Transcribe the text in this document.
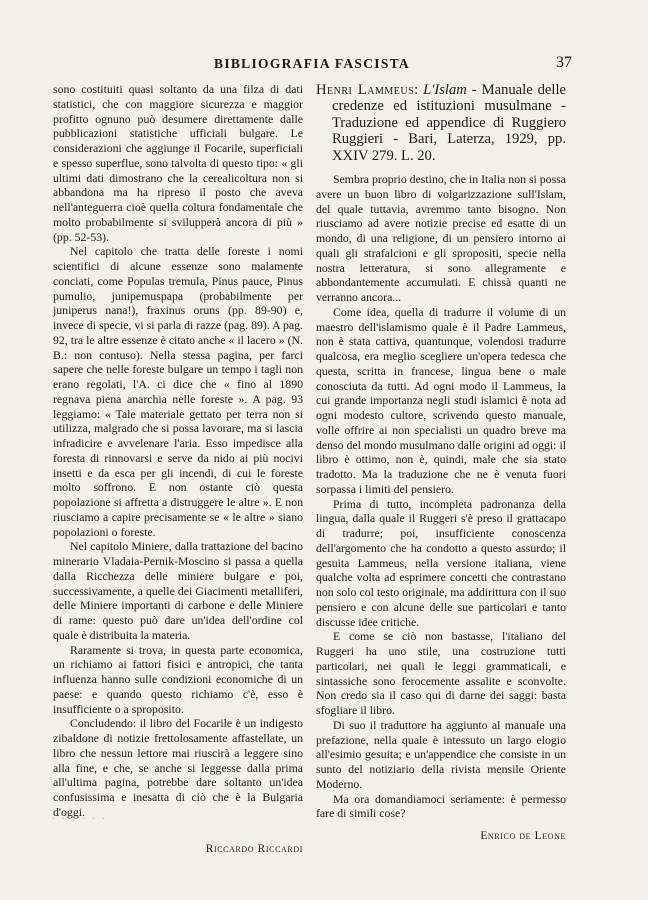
BIBLIOGRAFIA FASCISTA	37

sono costituiti quasi soltanto da una filza di dati statistici, che con maggiore sicurezza e maggior profitto ognuno può desumere direttamente dalle pubblicazioni statistiche ufficiali bulgare. Le considerazioni che aggiunge il Focarile, superficiali e spesso superflue, sono talvolta di questo tipo: « gli ultimi dati dimostrano che la cerealicoltura non si abbandona ma ha ripreso il posto che aveva nell'anteguerra cioè quella coltura fondamentale che molto probabilmente si svilupperà ancora di più » (pp. 52-53).

Nel capitolo che tratta delle foreste i nomi scientifici di alcune essenze sono malamente conciati, come Populas tremula, Pinus pauce, Pinus pumulio, junipemuspapa (probabilmente per juniperus nana!), fraxinus oruns (pp. 89-90) e, invece di specie, vi si parla di razze (pag. 89). A pag. 92, tra le altre essenze è citato anche « il lacero » (N. B.: non contuso). Nella stessa pagina, per farci sapere che nelle foreste bulgare un tempo i tagli non erano regolati, l'A. ci dice che « fino al 1890 regnava piena anarchia nelle foreste ». A pag. 93 leggiamo: « Tale materiale gettato per terra non si utilizza, malgrado che si possa lavorare, ma si lascia infradicire e avvelenare l'aria. Esso impedisce alla foresta di rinnovarsi e serve da nido ai più nocivi insetti e da esca per gli incendi, di cui le foreste molto soffrono. E non ostante ciò questa popolazione si affretta a distruggere le altre ». E non riusciamo a capire precisamente se « le altre » siano popolazioni o foreste.

Nel capitolo Miniere, dalla trattazione del bacino minerario Vladaia-Pernik-Moscino si passa a quella dalla Ricchezza delle miniere bulgare e poi, successivamente, a quelle dei Giacimenti metalliferi, delle Miniere importanti di carbone e delle Miniere di rame: questo può dare un'idea dell'ordine col quale è distribuita la materia.

Raramente si trova, in questa parte economica, un richiamo ai fattori fisici e antropici, che tanta influenza hanno sulle condizioni economiche di un paese: e quando questo richiamo c'è, esso è insufficiente o a sproposito.

Concludendo: il libro del Focarile è un indigesto zibaldone di notizie frettolosamente affastellate, un libro che nessun lettore mai riuscirà a leggere sino alla fine, e che, se anche si leggesse dalla prima all'ultima pagina, potrebbe dare soltanto un'idea confusissima e inesatta di ciò che è la Bulgaria d'oggi.

Riccardo Riccardi
Henri Lammeus: L'Islam - Manuale delle credenze ed istituzioni musulmane - Traduzione ed appendice di Ruggiero Ruggieri - Bari, Laterza, 1929, pp. XXIV 279. L. 20.

Sembra proprio destino, che in Italia non si possa avere un buon libro di volgarizzazione sull'Islam, del quale tuttavia, avremmo tanto bisogno. Non riusciamo ad avere notizie precise ed esatte di un mondo, di una religione, di un pensiero intorno ai quali gli strafalcioni e gli spropositi, specie nella nostra letteratura, si sono allegramente e abbondantemente accumulati. E chissà quanti ne verranno ancora...

Come idea, quella di tradurre il volume di un maestro dell'islamismo quale è il Padre Lammeus, non è stata cattiva, quantunque, volendosi tradurre qualcosa, era meglio scegliere un'opera tedesca che questa, scritta in francese, lingua bene o male conosciuta da tutti. Ad ogni modo il Lammeus, la cui grande importanza negli studi islamici è nota ad ogni modesto cultore, scrivendo questo manuale, volle offrire ai non specialisti un quadro breve ma denso del mondo musulmano dalle origini ad oggi: il libro è ottimo, non è, quindi, male che sia stato tradotto. Ma la traduzione che ne è venuta fuori sorpassa i limiti del pensiero.

Prima di tutto, incompleta padronanza della lingua, dalla quale il Ruggeri s'è preso il grattacapo di tradurre; poi, insufficiente conoscenza dell'argomento che ha condotto a questo assurdo; il gesuita Lammeus, nella versione italiana, viene qualche volta ad esprimere concetti che contrastano non solo col testo originale, ma addirittura con il suo pensiero e con alcune delle sue particolari e tanto discusse idee critiche.

E come se ciò non bastasse, l'italiano del Ruggeri ha uno stile, una costruzione tutti particolari, nei quali le leggi grammaticali, e sintassiche sono ferocemente assalite e sconvolte. Non credo sia il caso qui di darne dei saggi: basta sfogliare il libro.

Di suo il traduttore ha aggiunto al manuale una prefazione, nella quale è intessuto un largo elogio all'esimio gesuita; e un'appendice che consiste in un sunto del notiziario della rivista mensile Oriente Moderno.

Ma ora domandiamoci seriamente: è permesso fare di simili cose?

Enrico de Leone
· · · · · ·
